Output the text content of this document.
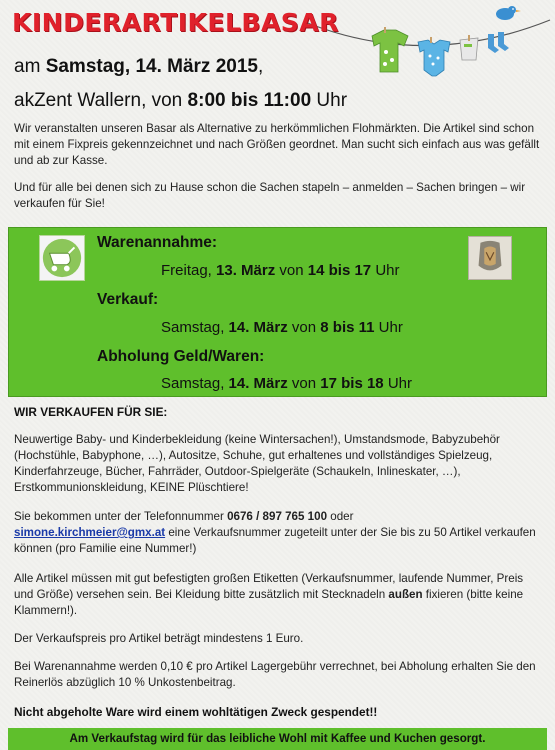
KINDERARTIKELBASAR
am Samstag, 14. März 2015,
akZent Wallern, von 8:00 bis 11:00 Uhr

Wir veranstalten unseren Basar als Alternative zu herkömmlichen Flohmärkten. Die Artikel sind schon mit einem Fixpreis gekennzeichnet und nach Größen geordnet. Man sucht sich einfach aus was gefällt und ab zur Kasse.

Und für alle bei denen sich zu Hause schon die Sachen stapeln – anmelden – Sachen bringen – wir verkaufen für Sie!

Warenannahme:
Freitag, 13. März von 14 bis 17 Uhr
Verkauf:
Samstag, 14. März von 8 bis 11 Uhr
Abholung Geld/Waren:
Samstag, 14. März von 17 bis 18 Uhr
WIR VERKAUFEN FÜR SIE:

Neuwertige Baby- und Kinderbekleidung (keine Wintersachen!), Umstandsmode, Babyzubehör (Hochstühle, Babyphone, …), Autositze, Schuhe, gut erhaltenes und vollständiges Spielzeug, Kinderfahrzeuge, Bücher, Fahrräder, Outdoor-Spielgeräte (Schaukeln, Inlineskater, …), Erstkommunionskleidung, KEINE Plüschtiere!

Sie bekommen unter der Telefonnummer 0676 / 897 765 100 oder
simone.kirchmeier@gmx.at eine Verkaufsnummer zugeteilt unter der Sie bis zu 50 Artikel verkaufen können (pro Familie eine Nummer!)

Alle Artikel müssen mit gut befestigten großen Etiketten (Verkaufsnummer, laufende Nummer, Preis und Größe) versehen sein. Bei Kleidung bitte zusätzlich mit Stecknadeln außen fixieren (bitte keine Klammern!).

Der Verkaufspreis pro Artikel beträgt mindestens 1 Euro.

Bei Warenannahme werden 0,10 € pro Artikel Lagergebühr verrechnet, bei Abholung erhalten Sie den Reinerlös abzüglich 10 % Unkostenbeitrag.

Nicht abgeholte Ware wird einem wohltätigen Zweck gespendet!!
Am Verkaufstag wird für das leibliche Wohl mit Kaffee und Kuchen gesorgt.
